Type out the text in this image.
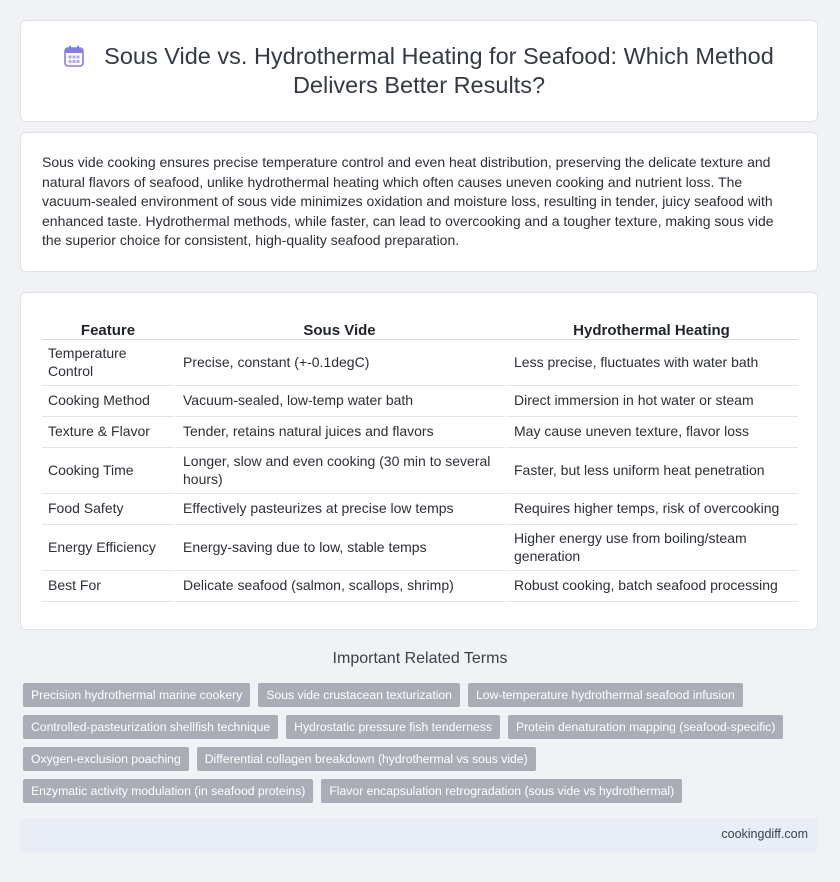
Sous Vide vs. Hydrothermal Heating for Seafood: Which Method Delivers Better Results?
Sous vide cooking ensures precise temperature control and even heat distribution, preserving the delicate texture and natural flavors of seafood, unlike hydrothermal heating which often causes uneven cooking and nutrient loss. The vacuum-sealed environment of sous vide minimizes oxidation and moisture loss, resulting in tender, juicy seafood with enhanced taste. Hydrothermal methods, while faster, can lead to overcooking and a tougher texture, making sous vide the superior choice for consistent, high-quality seafood preparation.
Feature	Sous Vide	Hydrothermal Heating
Temperature Control	Precise, constant (+-0.1degC)	Less precise, fluctuates with water bath
Cooking Method	Vacuum-sealed, low-temp water bath	Direct immersion in hot water or steam
Texture & Flavor	Tender, retains natural juices and flavors	May cause uneven texture, flavor loss
Cooking Time	Longer, slow and even cooking (30 min to several hours)	Faster, but less uniform heat penetration
Food Safety	Effectively pasteurizes at precise low temps	Requires higher temps, risk of overcooking
Energy Efficiency	Energy-saving due to low, stable temps	Higher energy use from boiling/steam generation
Best For	Delicate seafood (salmon, scallops, shrimp)	Robust cooking, batch seafood processing
Important Related Terms
Precision hydrothermal marine cookery	Sous vide crustacean texturization	Low-temperature hydrothermal seafood infusion
Controlled-pasteurization shellfish technique	Hydrostatic pressure fish tenderness	Protein denaturation mapping (seafood-specific)
Oxygen-exclusion poaching	Differential collagen breakdown (hydrothermal vs sous vide)
Enzymatic activity modulation (in seafood proteins)	Flavor encapsulation retrogradation (sous vide vs hydrothermal)
cookingdiff.com
